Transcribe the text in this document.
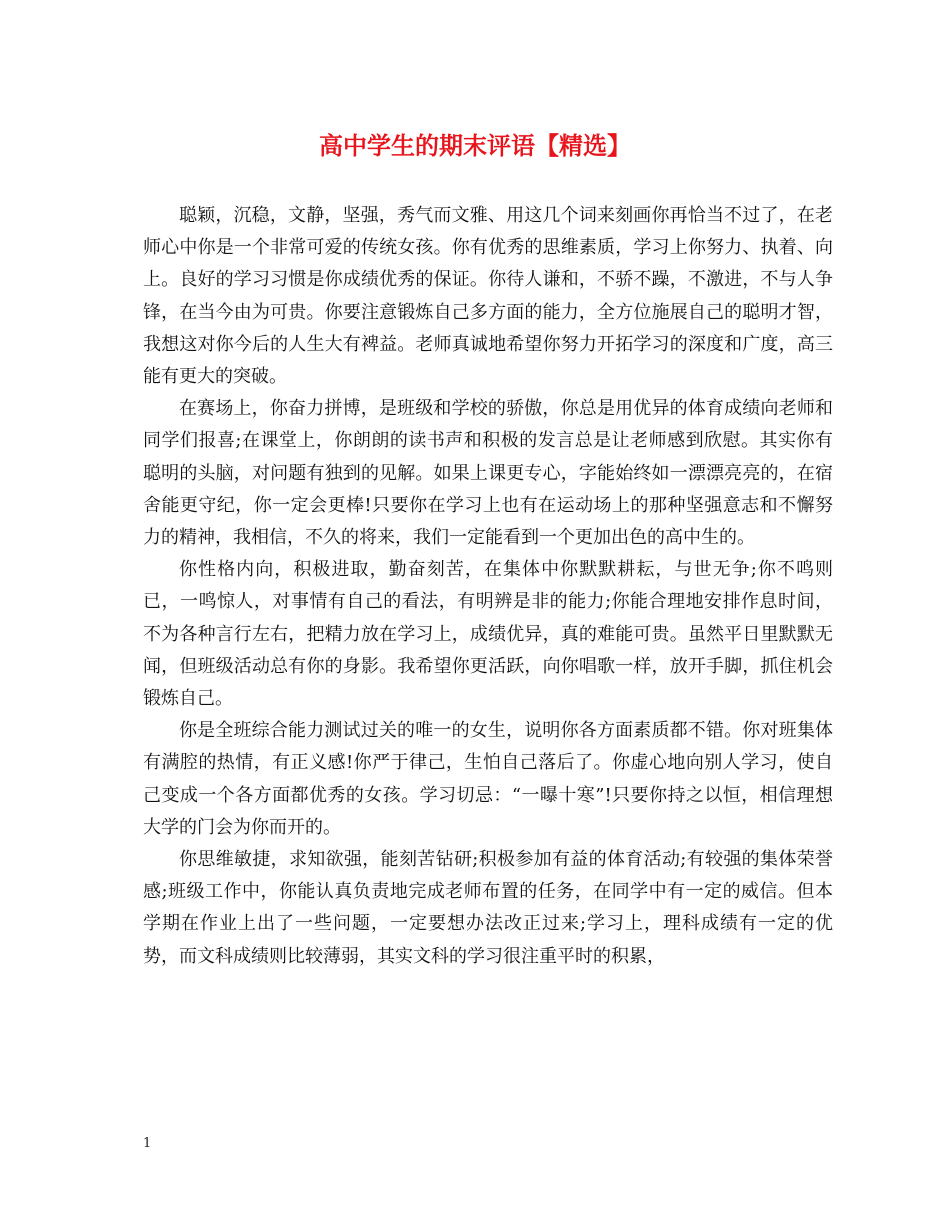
高中学生的期末评语【精选】

聪颖，沉稳，文静，坚强，秀气而文雅、用这几个词来刻画你再恰当不过了，在老师心中你是一个非常可爱的传统女孩。你有优秀的思维素质，学习上你努力、执着、向上。良好的学习习惯是你成绩优秀的保证。你待人谦和，不骄不躁，不激进，不与人争锋，在当今由为可贵。你要注意锻炼自己多方面的能力，全方位施展自己的聪明才智，我想这对你今后的人生大有裨益。老师真诚地希望你努力开拓学习的深度和广度，高三能有更大的突破。

在赛场上，你奋力拼博，是班级和学校的骄傲，你总是用优异的体育成绩向老师和同学们报喜;在课堂上，你朗朗的读书声和积极的发言总是让老师感到欣慰。其实你有聪明的头脑，对问题有独到的见解。如果上课更专心，字能始终如一漂漂亮亮的，在宿舍能更守纪，你一定会更棒!只要你在学习上也有在运动场上的那种坚强意志和不懈努力的精神，我相信，不久的将来，我们一定能看到一个更加出色的高中生的。

你性格内向，积极进取，勤奋刻苦，在集体中你默默耕耘，与世无争;你不鸣则已，一鸣惊人，对事情有自己的看法，有明辨是非的能力;你能合理地安排作息时间，不为各种言行左右，把精力放在学习上，成绩优异，真的难能可贵。虽然平日里默默无闻，但班级活动总有你的身影。我希望你更活跃，向你唱歌一样，放开手脚，抓住机会锻炼自己。

你是全班综合能力测试过关的唯一的女生，说明你各方面素质都不错。你对班集体有满腔的热情，有正义感!你严于律己，生怕自己落后了。你虚心地向别人学习，使自己变成一个各方面都优秀的女孩。学习切忌：“一曝十寒”!只要你持之以恒，相信理想大学的门会为你而开的。

你思维敏捷，求知欲强，能刻苦钻研;积极参加有益的体育活动;有较强的集体荣誉感;班级工作中，你能认真负责地完成老师布置的任务，在同学中有一定的威信。但本学期在作业上出了一些问题，一定要想办法改正过来;学习上，理科成绩有一定的优势，而文科成绩则比较薄弱，其实文科的学习很注重平时的积累，

1
